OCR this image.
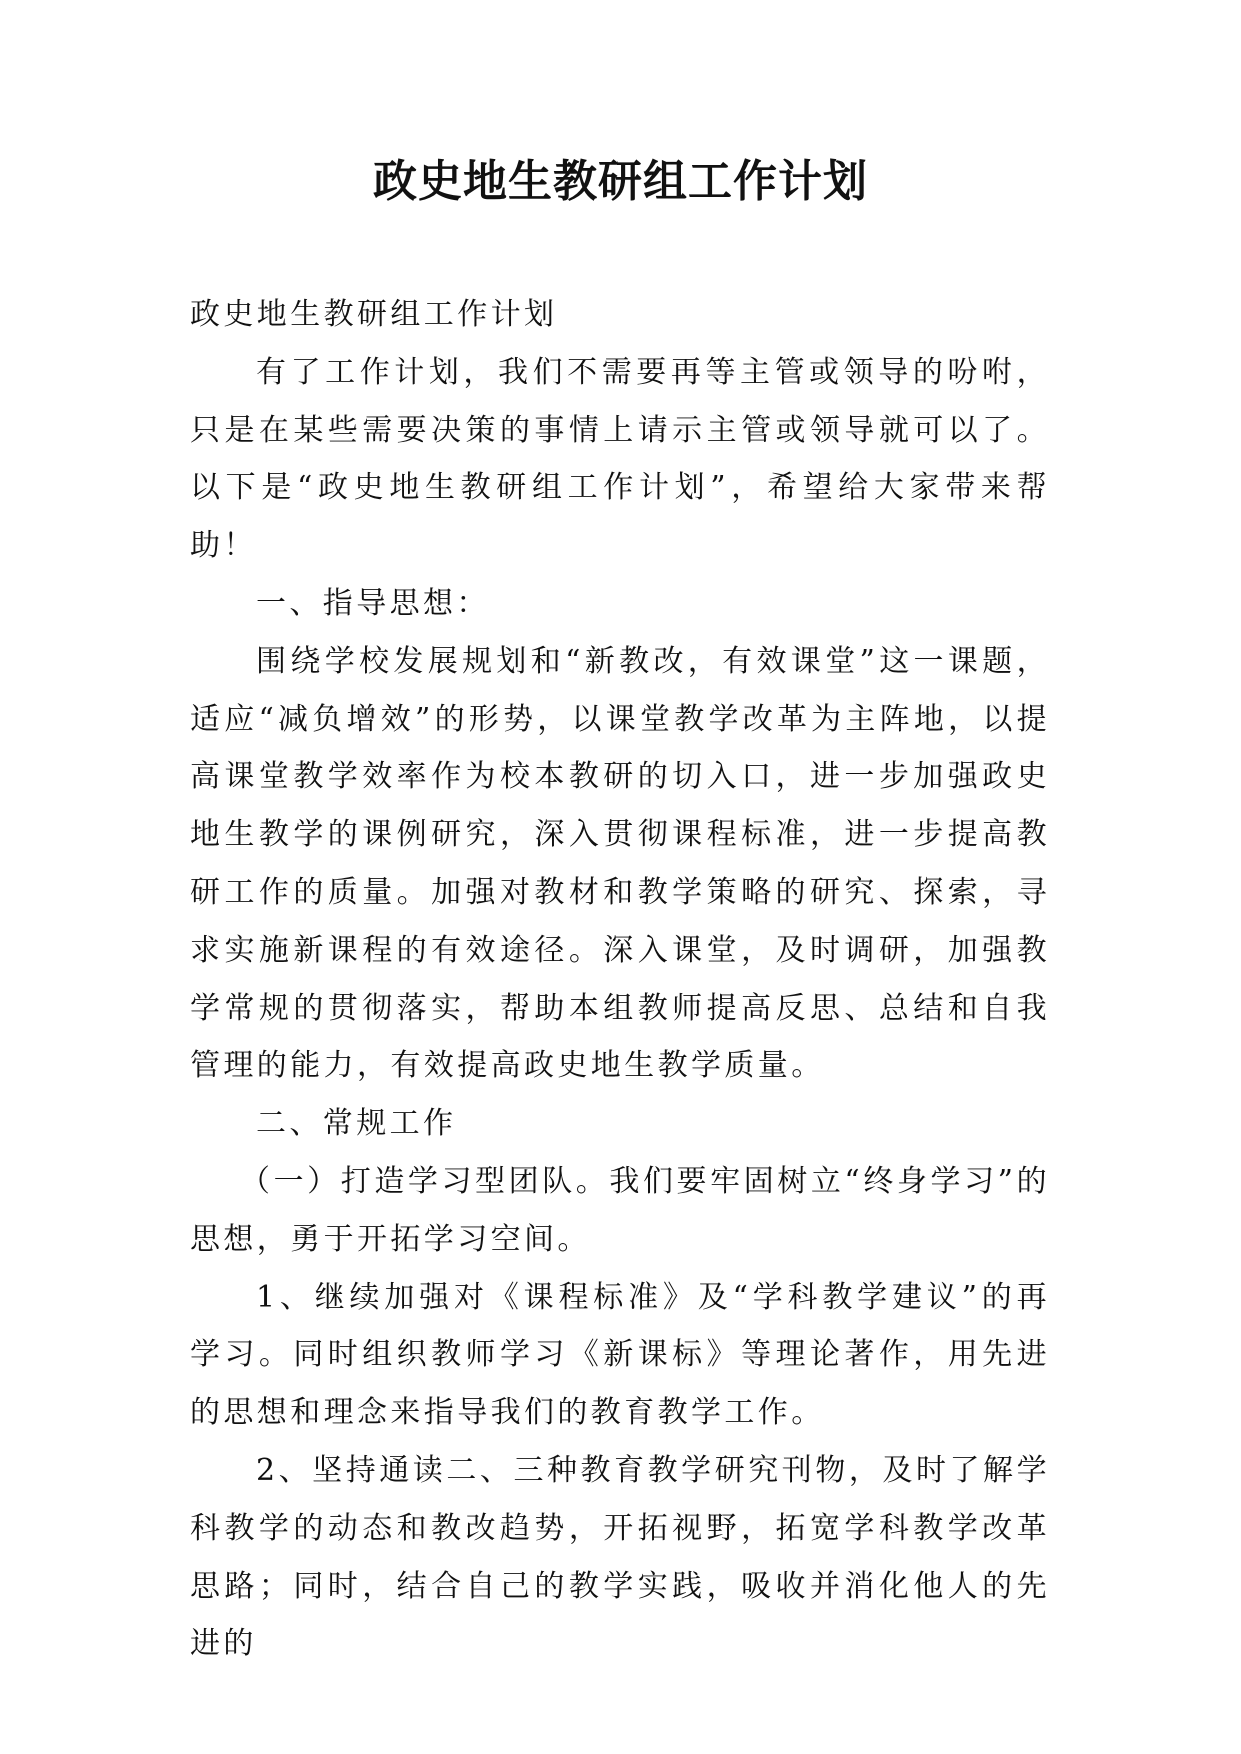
政史地生教研组工作计划

政史地生教研组工作计划

有了工作计划，我们不需要再等主管或领导的吩咐，只是在某些需要决策的事情上请示主管或领导就可以了。以下是“政史地生教研组工作计划”，希望给大家带来帮助！

一、指导思想：

围绕学校发展规划和“新教改，有效课堂”这一课题，适应“减负增效”的形势，以课堂教学改革为主阵地，以提高课堂教学效率作为校本教研的切入口，进一步加强政史地生教学的课例研究，深入贯彻课程标准，进一步提高教研工作的质量。加强对教材和教学策略的研究、探索，寻求实施新课程的有效途径。深入课堂，及时调研，加强教学常规的贯彻落实，帮助本组教师提高反思、总结和自我管理的能力，有效提高政史地生教学质量。

二、常规工作

（一）打造学习型团队。我们要牢固树立“终身学习”的思想，勇于开拓学习空间。

1、继续加强对《课程标准》及“学科教学建议”的再学习。同时组织教师学习《新课标》等理论著作，用先进的思想和理念来指导我们的教育教学工作。

2、坚持通读二、三种教育教学研究刊物，及时了解学科教学的动态和教改趋势，开拓视野，拓宽学科教学改革思路；同时，结合自己的教学实践，吸收并消化他人的先进的
